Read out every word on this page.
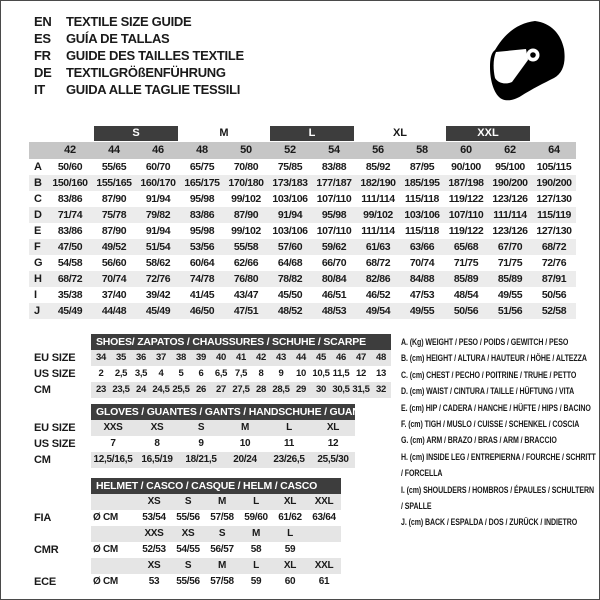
EN	TEXTILE SIZE GUIDE
ES	GUÍA DE TALLAS
FR	GUIDE DES TAILLES TEXTILE
DE	TEXTILGRÖßENFÜHRUNG
IT	GUIDA ALLE TAGLIE TESSILI
S	M	L	XL	XXL
42	44	46	48	50	52	54	56	58	60	62	64
A	50/60	55/65	60/70	65/75	70/80	75/85	83/88	85/92	87/95	90/100	95/100	105/115
B 150/160 155/165 160/170 165/175 170/180 173/183 177/187 182/190 185/195 187/198 190/200 190/200
C	83/86	87/90	91/94	95/98	99/102	103/106 107/110 111/114 115/118 119/122 123/126 127/130
D	71/74	75/78	79/82	83/86	87/90	91/94	95/98	99/102	103/106 107/110 111/114 115/119
E	83/86	87/90	91/94	95/98	99/102	103/106 107/110 111/114 115/118 119/122 123/126 127/130
F	47/50	49/52	51/54	53/56	55/58	57/60	59/62	61/63	63/66	65/68	67/70	68/72
G	54/58	56/60	58/62	60/64	62/66	64/68	66/70	68/72	70/74	71/75	71/75	72/76
H	68/72	70/74	72/76	74/78	76/80	78/82	80/84	82/86	84/88	85/89	85/89	87/91
I	35/38	37/40	39/42	41/45	43/47	45/50	46/51	46/52	47/53	48/54	49/55	50/56
J	45/49	44/48	45/49	46/50	47/51	48/52	48/53	49/54	49/55	50/56	51/56	52/58
SHOES/ ZAPATOS / CHAUSSURES / SCHUHE / SCARPE
EU SIZE	34	35	36	37	38	39	40	41	42	43	44	45	46	47	48
US SIZE	2	2,5 3,5	4	5	6	6,5 7,5	8	9	10 10,5 11,5 12	13
CM	23 23,5 24 24,5 25,5 26	27 27,5 28 28,5 29	30 30,5 31,5 32
GLOVES / GUANTES / GANTS / HANDSCHUHE / GUANTI
EU SIZE	XXS	XS	S	M	L	XL
US SIZE	7	8	9	10	11	12
CM	12,5/16,5 16,5/19	18/21,5	20/24	23/26,5	25,5/30
HELMET / CASCO / CASQUE / HELM / CASCO
XS	S	M	L	XL	XXL
FIA	Ø CM	53/54	55/56	57/58	59/60	61/62	63/64
XXS	XS	S	M	L
CMR	Ø CM	52/53	54/55	56/57	58	59
XS	S	M	L	XL	XXL
ECE	Ø CM	53	55/56	57/58	59	60	61
A. (Kg) WEIGHT / PESO / POIDS / GEWITCH / PESO
B. (cm) HEIGHT / ALTURA / HAUTEUR / HÖHE / ALTEZZA
C. (cm) CHEST / PECHO / POITRINE / TRUHE / PETTO
D. (cm) WAIST / CINTURA / TAILLE / HÜFTUNG / VITA
E. (cm) HIP / CADERA / HANCHE / HÜFTE / HIPS / BACINO
F. (cm) TIGH / MUSLO / CUISSE / SCHENKEL / COSCIA
G. (cm) ARM / BRAZO / BRAS / ARM / BRACCIO
H. (cm) INSIDE LEG / ENTREPIERNA / FOURCHE / SCHRITT / FORCELLA
I. (cm) SHOULDERS / HOMBROS / ÉPAULES / SCHULTERN / SPALLE
J. (cm) BACK / ESPALDA / DOS / ZURÜCK / INDIETRO
